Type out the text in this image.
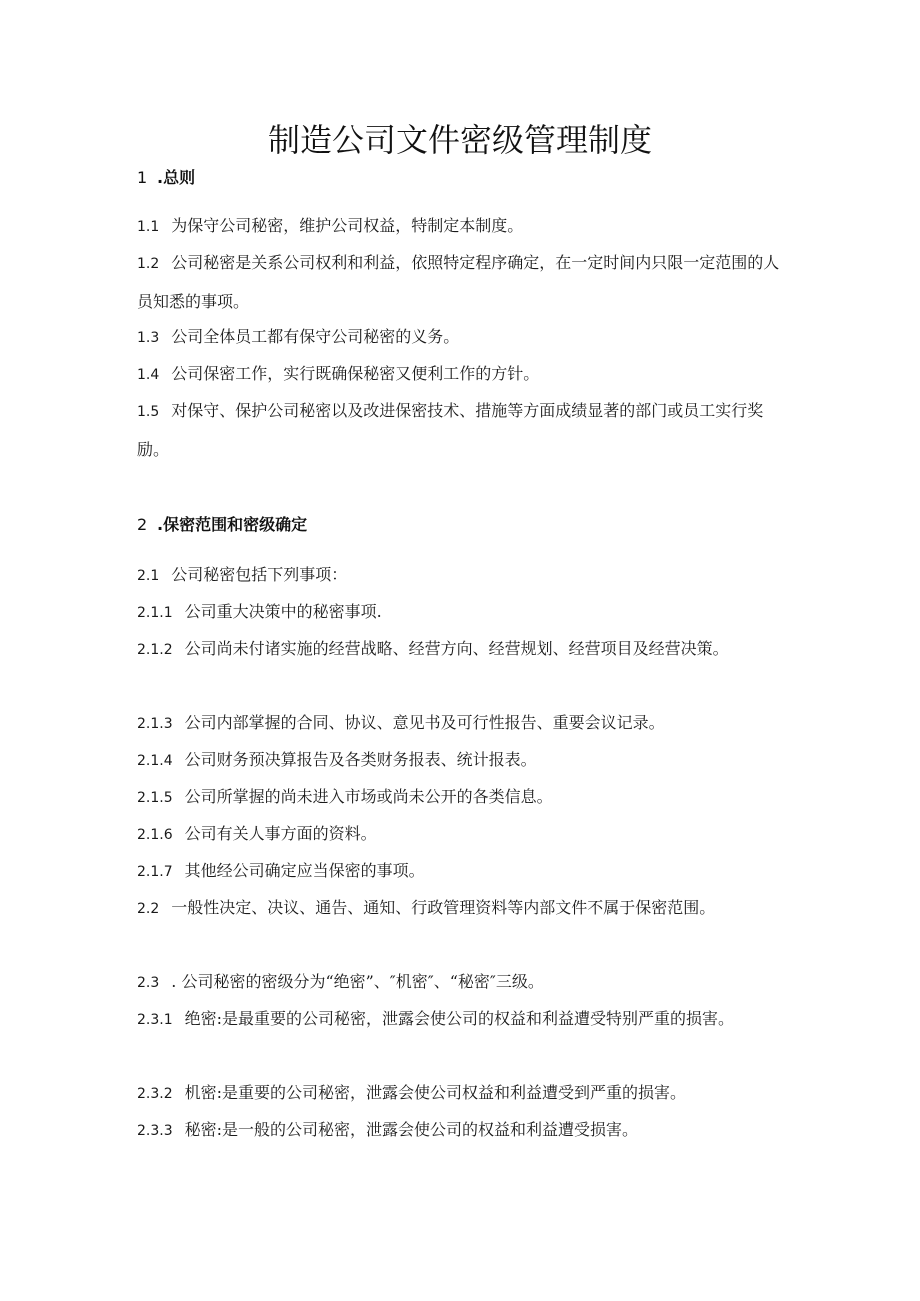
制造公司文件密级管理制度
1 .总则
1.1 为保守公司秘密，维护公司权益，特制定本制度。
1.2 公司秘密是关系公司权利和利益，依照特定程序确定，在一定时间内只限一定范围的人员知悉的事项。
1.3 公司全体员工都有保守公司秘密的义务。
1.4 公司保密工作，实行既确保秘密又便利工作的方针。
1.5 对保守、保护公司秘密以及改进保密技术、措施等方面成绩显著的部门或员工实行奖励。
2 .保密范围和密级确定
2.1 公司秘密包括下列事项：
2.1.1 公司重大决策中的秘密事项.
2.1.2 公司尚未付诸实施的经营战略、经营方向、经营规划、经营项目及经营决策。
2.1.3 公司内部掌握的合同、协议、意见书及可行性报告、重要会议记录。
2.1.4 公司财务预决算报告及各类财务报表、统计报表。
2.1.5 公司所掌握的尚未进入市场或尚未公开的各类信息。
2.1.6 公司有关人事方面的资料。
2.1.7 其他经公司确定应当保密的事项。
2.2 一般性决定、决议、通告、通知、行政管理资料等内部文件不属于保密范围。
2.3 . 公司秘密的密级分为“绝密”、″机密″、“秘密″三级。
2.3.1 绝密:是最重要的公司秘密，泄露会使公司的权益和利益遭受特别严重的损害。
2.3.2 机密:是重要的公司秘密，泄露会使公司权益和利益遭受到严重的损害。
2.3.3 秘密:是一般的公司秘密，泄露会使公司的权益和利益遭受损害。
